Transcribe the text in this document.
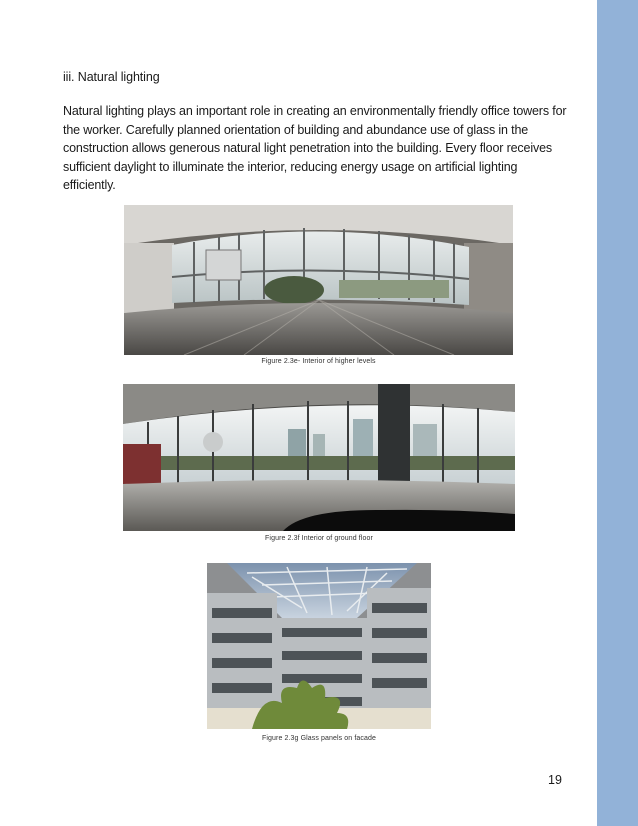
iii. Natural lighting

Natural lighting plays an important role in creating an environmentally friendly office towers for the worker. Carefully planned orientation of building and abundance use of glass in the construction allows generous natural light penetration into the building. Every floor receives sufficient daylight to illuminate the interior, reducing energy usage on artificial lighting efficiently.

Figure 2.3e- Interior of higher levels
Figure 2.3f Interior of ground floor
Figure 2.3g Glass panels on facade
19
